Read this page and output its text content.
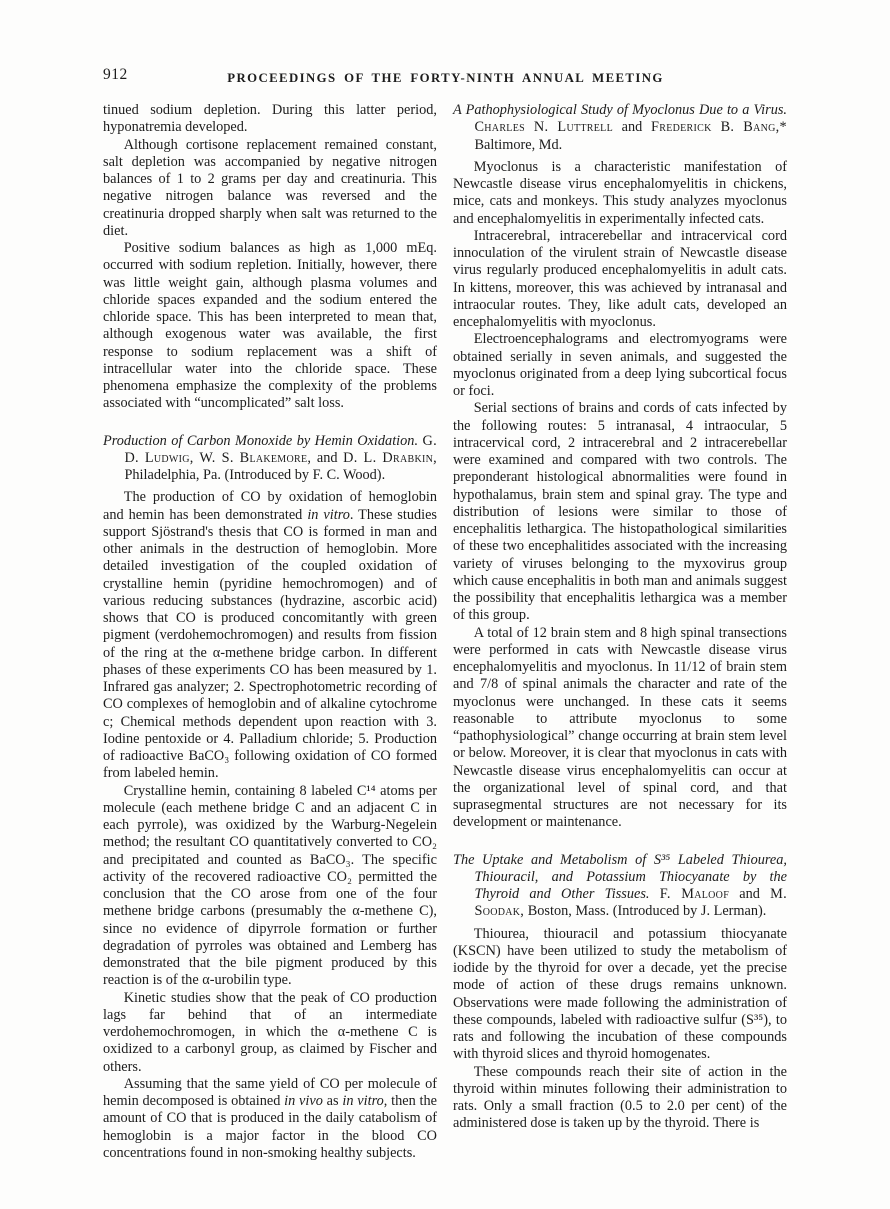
912	PROCEEDINGS OF THE FORTY-NINTH ANNUAL MEETING

tinued sodium depletion. During this latter period, hyponatremia developed.

Although cortisone replacement remained constant, salt depletion was accompanied by negative nitrogen balances of 1 to 2 grams per day and creatinuria. This negative nitrogen balance was reversed and the creatinuria dropped sharply when salt was returned to the diet.

Positive sodium balances as high as 1,000 mEq. occurred with sodium repletion. Initially, however, there was little weight gain, although plasma volumes and chloride spaces expanded and the sodium entered the chloride space. This has been interpreted to mean that, although exogenous water was available, the first response to sodium replacement was a shift of intracellular water into the chloride space. These phenomena emphasize the complexity of the problems associated with “uncomplicated” salt loss.

Production of Carbon Monoxide by Hemin Oxidation. G. D. Ludwig, W. S. Blakemore, and D. L. Drabkin, Philadelphia, Pa. (Introduced by F. C. Wood).

The production of CO by oxidation of hemoglobin and hemin has been demonstrated in vitro. These studies support Sjöstrand's thesis that CO is formed in man and other animals in the destruction of hemoglobin. More detailed investigation of the coupled oxidation of crystalline hemin (pyridine hemochromogen) and of various reducing substances (hydrazine, ascorbic acid) shows that CO is produced concomitantly with green pigment (verdohemochromogen) and results from fission of the ring at the α-methene bridge carbon. In different phases of these experiments CO has been measured by 1. Infrared gas analyzer; 2. Spectrophotometric recording of CO complexes of hemoglobin and of alkaline cytochrome c; Chemical methods dependent upon reaction with 3. Iodine pentoxide or 4. Palladium chloride; 5. Production of radioactive BaCO₃ following oxidation of CO formed from labeled hemin.

Crystalline hemin, containing 8 labeled C¹⁴ atoms per molecule (each methene bridge C and an adjacent C in each pyrrole), was oxidized by the Warburg-Negelein method; the resultant CO quantitatively converted to CO₂ and precipitated and counted as BaCO₃. The specific activity of the recovered radioactive CO₂ permitted the conclusion that the CO arose from one of the four methene bridge carbons (presumably the α-methene C), since no evidence of dipyrrole formation or further degradation of pyrroles was obtained and Lemberg has demonstrated that the bile pigment produced by this reaction is of the α-urobilin type.

Kinetic studies show that the peak of CO production lags far behind that of an intermediate verdohemochromogen, in which the α-methene C is oxidized to a carbonyl group, as claimed by Fischer and others.

Assuming that the same yield of CO per molecule of hemin decomposed is obtained in vivo as in vitro, then the amount of CO that is produced in the daily catabolism of hemoglobin is a major factor in the blood CO concentrations found in non-smoking healthy subjects.

A Pathophysiological Study of Myoclonus Due to a Virus. Charles N. Luttrell and Frederick B. Bang,* Baltimore, Md.

Myoclonus is a characteristic manifestation of Newcastle disease virus encephalomyelitis in chickens, mice, cats and monkeys. This study analyzes myoclonus and encephalomyelitis in experimentally infected cats.

Intracerebral, intracerebellar and intracervical cord innoculation of the virulent strain of Newcastle disease virus regularly produced encephalomyelitis in adult cats. In kittens, moreover, this was achieved by intranasal and intraocular routes. They, like adult cats, developed an encephalomyelitis with myoclonus.

Electroencephalograms and electromyograms were obtained serially in seven animals, and suggested the myoclonus originated from a deep lying subcortical focus or foci.

Serial sections of brains and cords of cats infected by the following routes: 5 intranasal, 4 intraocular, 5 intracervical cord, 2 intracerebral and 2 intracerebellar were examined and compared with two controls. The preponderant histological abnormalities were found in hypothalamus, brain stem and spinal gray. The type and distribution of lesions were similar to those of encephalitis lethargica. The histopathological similarities of these two encephalitides associated with the increasing variety of viruses belonging to the myxovirus group which cause encephalitis in both man and animals suggest the possibility that encephalitis lethargica was a member of this group.

A total of 12 brain stem and 8 high spinal transections were performed in cats with Newcastle disease virus encephalomyelitis and myoclonus. In 11/12 of brain stem and 7/8 of spinal animals the character and rate of the myoclonus were unchanged. In these cats it seems reasonable to attribute myoclonus to some “pathophysiological” change occurring at brain stem level or below. Moreover, it is clear that myoclonus in cats with Newcastle disease virus encephalomyelitis can occur at the organizational level of spinal cord, and that suprasegmental structures are not necessary for its development or maintenance.

The Uptake and Metabolism of S³⁵ Labeled Thiourea, Thiouracil, and Potassium Thiocyanate by the Thyroid and Other Tissues. F. Maloof and M. Soodak, Boston, Mass. (Introduced by J. Lerman).

Thiourea, thiouracil and potassium thiocyanate (KSCN) have been utilized to study the metabolism of iodide by the thyroid for over a decade, yet the precise mode of action of these drugs remains unknown. Observations were made following the administration of these compounds, labeled with radioactive sulfur (S³⁵), to rats and following the incubation of these compounds with thyroid slices and thyroid homogenates.

These compounds reach their site of action in the thyroid within minutes following their administration to rats. Only a small fraction (0.5 to 2.0 per cent) of the administered dose is taken up by the thyroid. There is
